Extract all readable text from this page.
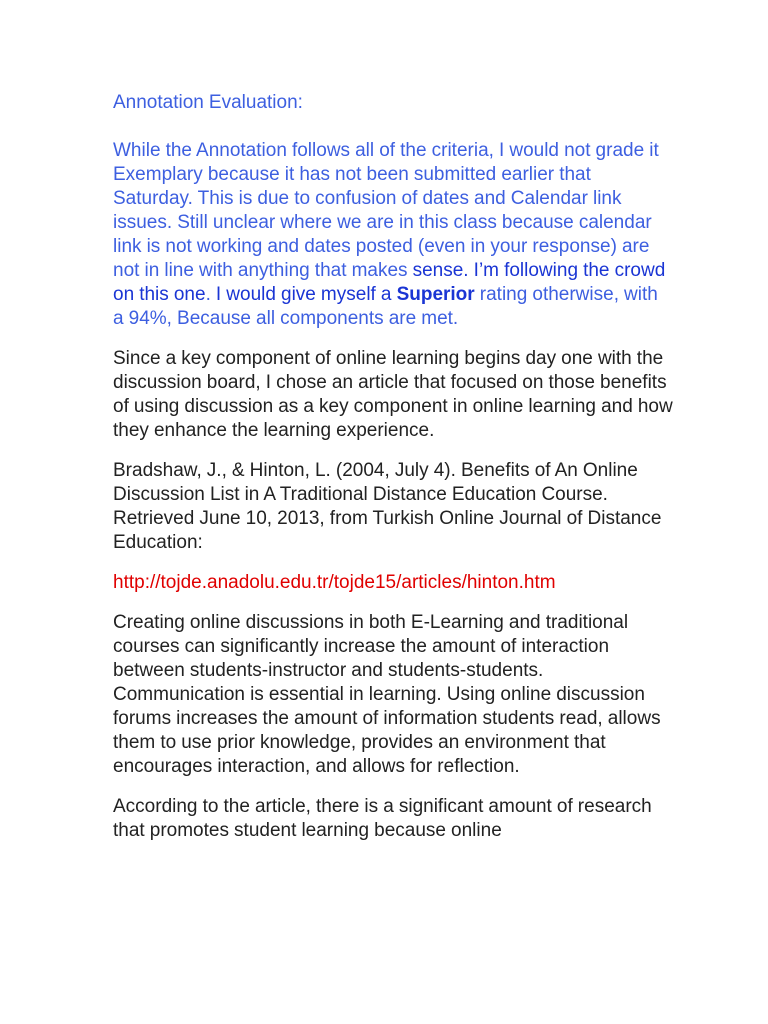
Annotation Evaluation:

While the Annotation follows all of the criteria, I would not grade it Exemplary because it has not been submitted earlier that Saturday. This is due to confusion of dates and Calendar link issues. Still unclear where we are in this class because calendar link is not working and dates posted (even in your response) are not in line with anything that makes sense. I’m following the crowd on this one. I would give myself a Superior rating otherwise, with a 94%, Because all components are met.

Since a key component of online learning begins day one with the discussion board, I chose an article that focused on those benefits of using discussion as a key component in online learning and how they enhance the learning experience.

Bradshaw, J., & Hinton, L. (2004, July 4). Benefits of An Online Discussion List in A Traditional Distance Education Course. Retrieved June 10, 2013, from Turkish Online Journal of Distance Education:

http://tojde.anadolu.edu.tr/tojde15/articles/hinton.htm

Creating online discussions in both E-Learning and traditional courses can significantly increase the amount of interaction between students-instructor and students-students. Communication is essential in learning. Using online discussion forums increases the amount of information students read, allows them to use prior knowledge, provides an environment that encourages interaction, and allows for reflection.

According to the article, there is a significant amount of research that promotes student learning because online
